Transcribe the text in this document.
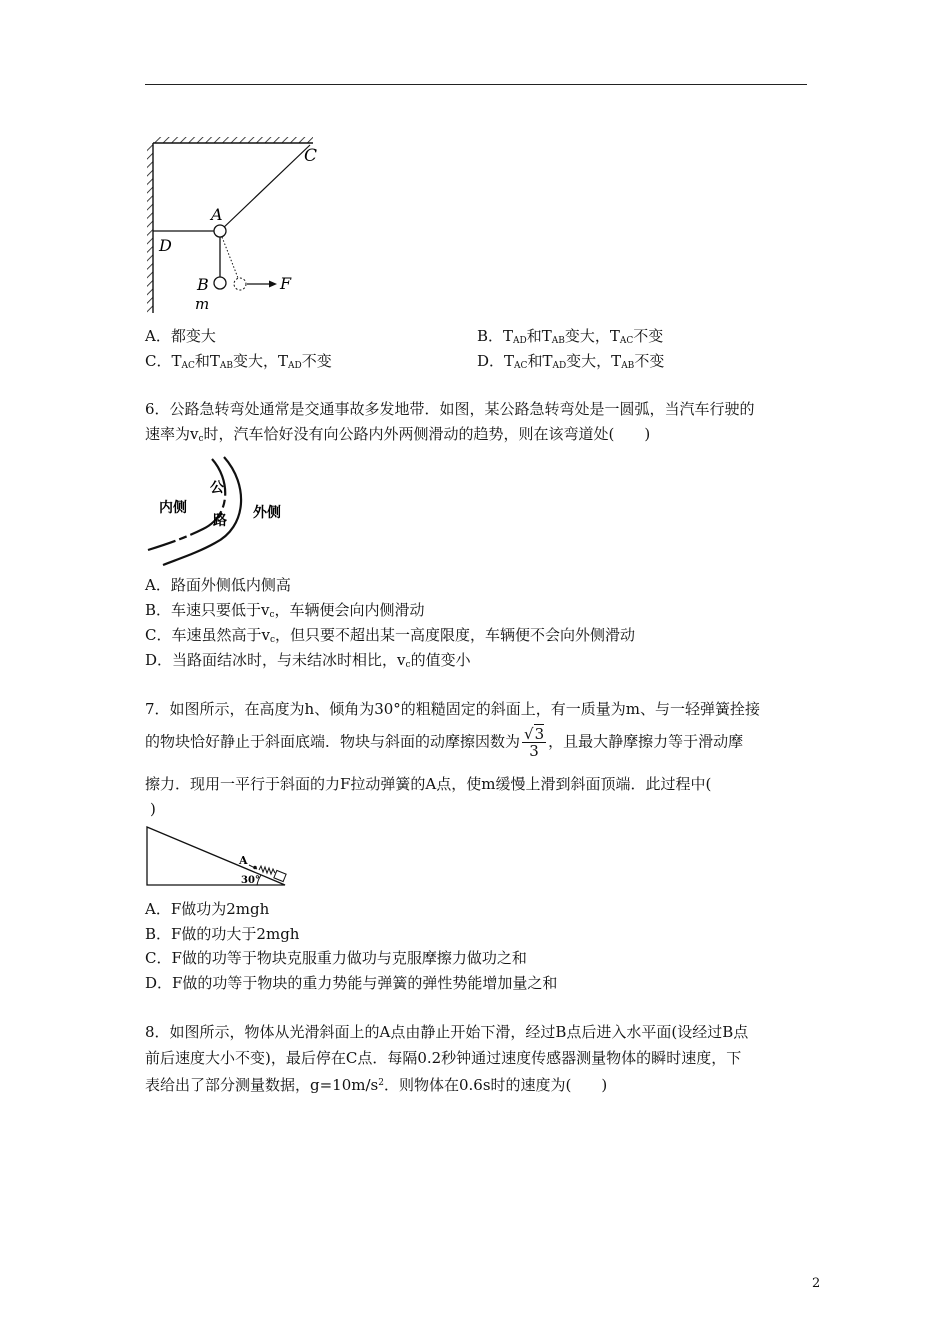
C
A
D
B
m
F
A．都变大	B．$T_{AD}$和$T_{AB}$变大，$T_{AC}$不变
C．$T_{AC}$和$T_{AB}$变大，$T_{AD}$不变	D．$T_{AC}$和$T_{AD}$变大，$T_{AB}$不变
6．公路急转弯处通常是交通事故多发地带．如图，某公路急转弯处是一圆弧，当汽车行驶的
速率为$v_c$时，汽车恰好没有向公路内外两侧滑动的趋势，则在该弯道处(　　)
内侧
公
路 外侧
A．路面外侧低内侧高
B．车速只要低于$v_c$，车辆便会向内侧滑动
C．车速虽然高于$v_c$，但只要不超出某一高度限度，车辆便不会向外侧滑动
D．当路面结冰时，与未结冰时相比，$v_c$的值变小
7．如图所示，在高度为h、倾角为30°的粗糙固定的斜面上，有一质量为m、与一轻弹簧拴接
的物块恰好静止于斜面底端．物块与斜面的动摩擦因数为 $\frac{√3}{3}$ ，且最大静摩擦力等于滑动摩
擦力．现用一平行于斜面的力F拉动弹簧的A点，使m缓慢上滑到斜面顶端．此过程中(
)
A
30°
A．F做功为2mgh
B．F做的功大于2mgh
C．F做的功等于物块克服重力做功与克服摩擦力做功之和
D．F做的功等于物块的重力势能与弹簧的弹性势能增加量之和
8．如图所示，物体从光滑斜面上的A点由静止开始下滑，经过B点后进入水平面(设经过B点
前后速度大小不变)，最后停在C点．每隔0.2秒钟通过速度传感器测量物体的瞬时速度，下
表给出了部分测量数据，$g=10m/s^2$．则物体在0.6s时的速度为(　　)
2
